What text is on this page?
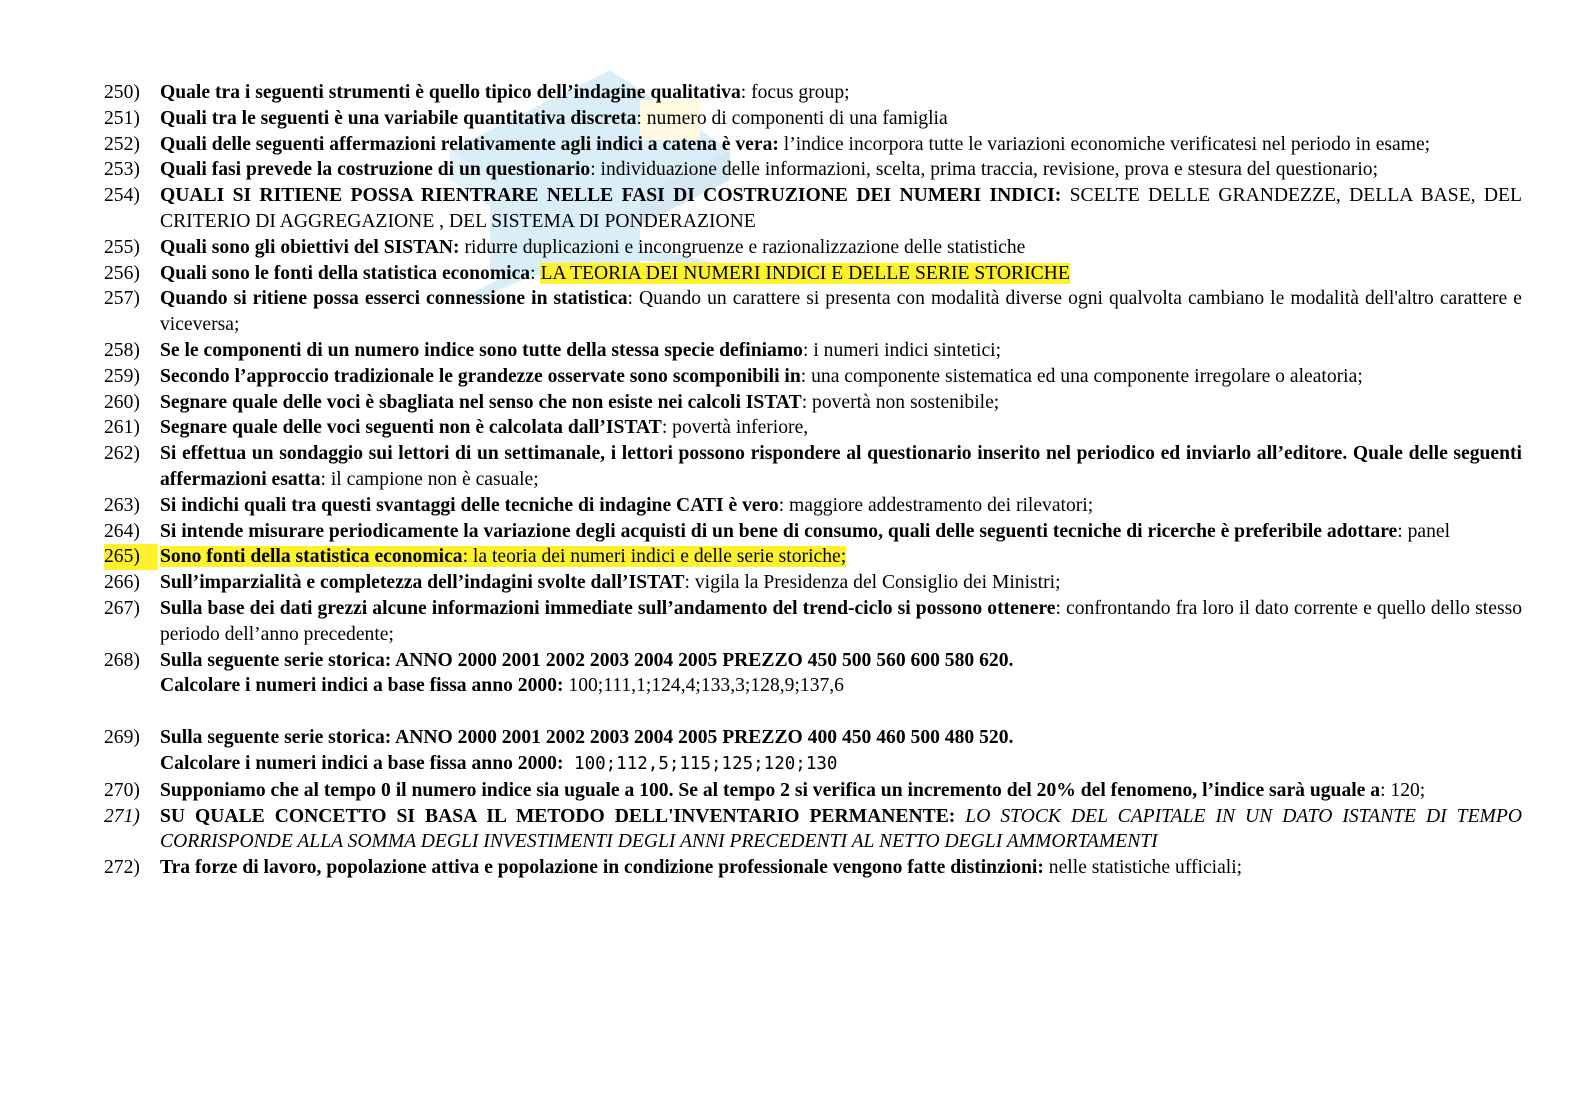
250)	Quale tra i seguenti strumenti è quello tipico dell’indagine qualitativa: focus group;
251)	Quali tra le seguenti è una variabile quantitativa discreta: numero di componenti di una famiglia
252)	Quali delle seguenti affermazioni relativamente agli indici a catena è vera: l’indice incorpora tutte le variazioni economiche verificatesi nel periodo in esame;
253)	Quali fasi prevede la costruzione di un questionario: individuazione delle informazioni, scelta, prima traccia, revisione, prova e stesura del questionario;
254)	QUALI SI RITIENE POSSA RIENTRARE NELLE FASI DI COSTRUZIONE DEI NUMERI INDICI: SCELTE DELLE GRANDEZZE, DELLA BASE, DEL CRITERIO DI AGGREGAZIONE , DEL SISTEMA DI PONDERAZIONE
255)	Quali sono gli obiettivi del SISTAN: ridurre duplicazioni e incongruenze e razionalizzazione delle statistiche
256)	Quali sono le fonti della statistica economica: LA TEORIA DEI NUMERI INDICI E DELLE SERIE STORICHE
257)	Quando si ritiene possa esserci connessione in statistica: Quando un carattere si presenta con modalità diverse ogni qualvolta cambiano le modalità dell'altro carattere e viceversa;
258)	Se le componenti di un numero indice sono tutte della stessa specie definiamo: i numeri indici sintetici;
259)	Secondo l’approccio tradizionale le grandezze osservate sono scomponibili in: una componente sistematica ed una componente irregolare o aleatoria;
260)	Segnare quale delle voci è sbagliata nel senso che non esiste nei calcoli ISTAT: povertà non sostenibile;
261)	Segnare quale delle voci seguenti non è calcolata dall’ISTAT: povertà inferiore,
262)	Si effettua un sondaggio sui lettori di un settimanale, i lettori possono rispondere al questionario inserito nel periodico ed inviarlo all’editore. Quale delle seguenti affermazioni esatta: il campione non è casuale;
263)	Si indichi quali tra questi svantaggi delle tecniche di indagine CATI è vero: maggiore addestramento dei rilevatori;
264)	Si intende misurare periodicamente la variazione degli acquisti di un bene di consumo, quali delle seguenti tecniche di ricerche è preferibile adottare: panel
265)	Sono fonti della statistica economica: la teoria dei numeri indici e delle serie storiche;
266)	Sull’imparzialità e completezza dell’indagini svolte dall’ISTAT: vigila la Presidenza del Consiglio dei Ministri;
267)	Sulla base dei dati grezzi alcune informazioni immediate sull’andamento del trend-ciclo si possono ottenere: confrontando fra loro il dato corrente e quello dello stesso periodo dell’anno precedente;
268)	Sulla seguente serie storica: ANNO 2000 2001 2002 2003 2004 2005 PREZZO 450 500 560 600 580 620.
Calcolare i numeri indici a base fissa anno 2000: 100;111,1;124,4;133,3;128,9;137,6
269)	Sulla seguente serie storica: ANNO 2000 2001 2002 2003 2004 2005 PREZZO 400 450 460 500 480 520.
Calcolare i numeri indici a base fissa anno 2000: 100;112,5;115;125;120;130
270)	Supponiamo che al tempo 0 il numero indice sia uguale a 100. Se al tempo 2 si verifica un incremento del 20% del fenomeno, l’indice sarà uguale a: 120;
271)	SU QUALE CONCETTO SI BASA IL METODO DELL'INVENTARIO PERMANENTE: LO STOCK DEL CAPITALE IN UN DATO ISTANTE DI TEMPO CORRISPONDE ALLA SOMMA DEGLI INVESTIMENTI DEGLI ANNI PRECEDENTI AL NETTO DEGLI AMMORTAMENTI
272)	Tra forze di lavoro, popolazione attiva e popolazione in condizione professionale vengono fatte distinzioni: nelle statistiche ufficiali;
